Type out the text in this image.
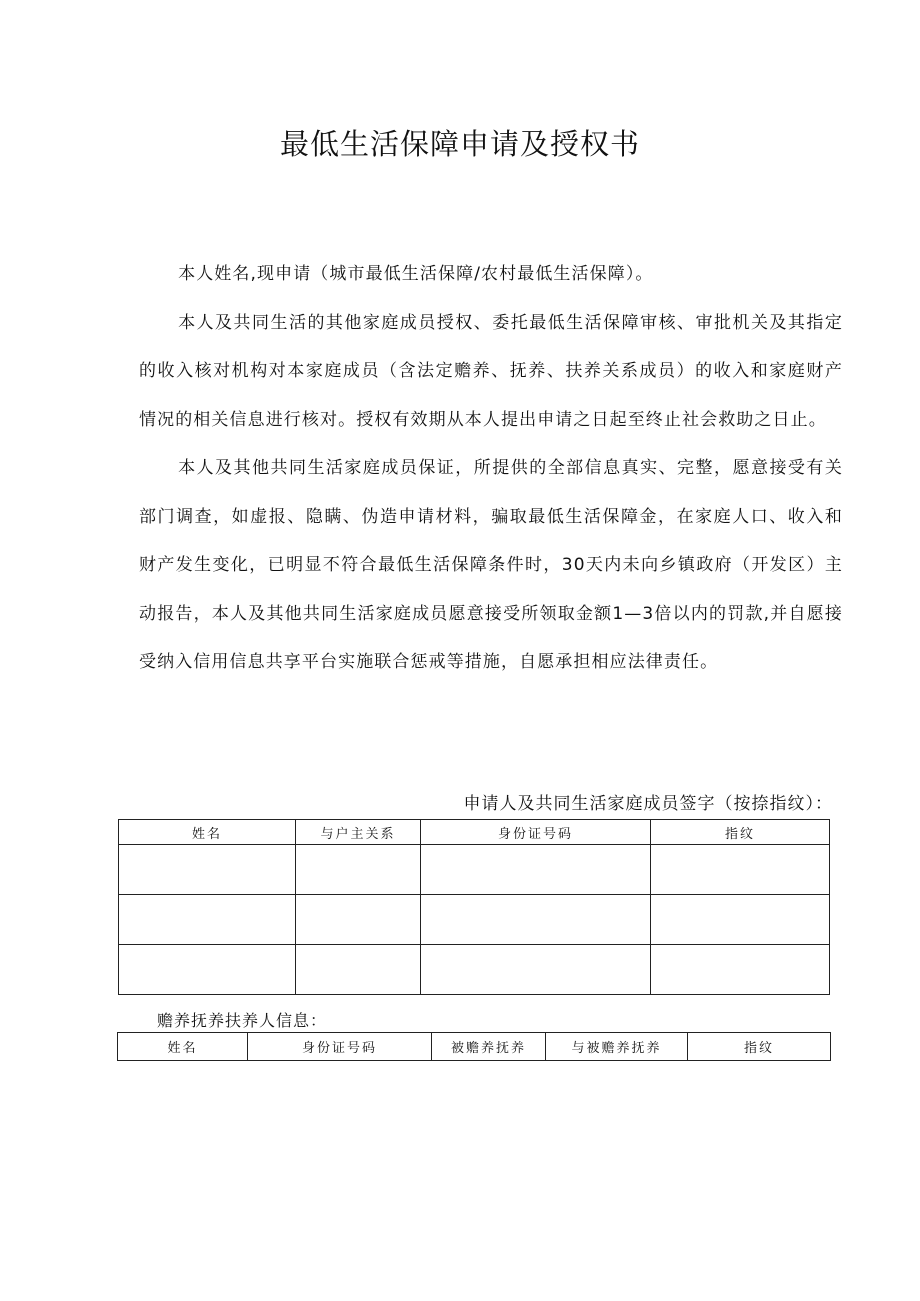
最低生活保障申请及授权书

本人姓名,现申请（城市最低生活保障/农村最低生活保障）。

本人及共同生活的其他家庭成员授权、委托最低生活保障审核、审批机关及其指定的收入核对机构对本家庭成员（含法定赡养、抚养、扶养关系成员）的收入和家庭财产情况的相关信息进行核对。授权有效期从本人提出申请之日起至终止社会救助之日止。

本人及其他共同生活家庭成员保证，所提供的全部信息真实、完整，愿意接受有关部门调查，如虚报、隐瞒、伪造申请材料，骗取最低生活保障金，在家庭人口、收入和财产发生变化，已明显不符合最低生活保障条件时，30天内未向乡镇政府（开发区）主动报告，本人及其他共同生活家庭成员愿意接受所领取金额1—3倍以内的罚款,并自愿接受纳入信用信息共享平台实施联合惩戒等措施，自愿承担相应法律责任。

申请人及共同生活家庭成员签字（按捺指纹）：
姓名	与户主关系	身份证号码	指纹

赡养抚养扶养人信息：
姓名	身份证号码	被赡养抚养	与被赡养抚养	指纹
